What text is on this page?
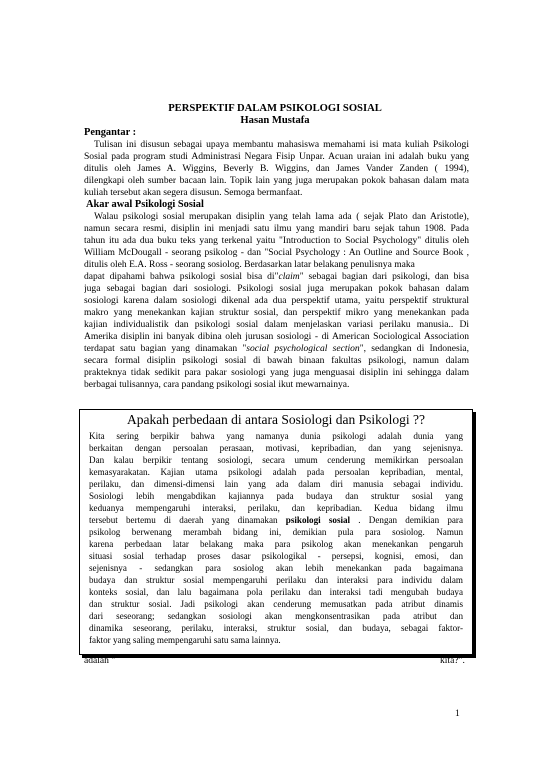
PERSPEKTIF DALAM PSIKOLOGI SOSIAL
Hasan Mustafa
Pengantar :
Tulisan ini disusun sebagai upaya membantu mahasiswa memahami isi mata kuliah Psikologi
Sosial pada program studi Administrasi Negara Fisip Unpar. Acuan uraian ini adalah buku yang
ditulis oleh James A. Wiggins, Beverly B. Wiggins, dan James Vander Zanden ( 1994),
dilengkapi oleh sumber bacaan lain. Topik lain yang juga merupakan pokok bahasan dalam mata
kuliah tersebut akan segera disusun. Semoga bermanfaat.
Akar awal Psikologi Sosial
Walau psikologi sosial merupakan disiplin yang telah lama ada ( sejak Plato dan Aristotle),
namun secara resmi, disiplin ini menjadi satu ilmu yang mandiri baru sejak tahun 1908. Pada
tahun itu ada dua buku teks yang terkenal yaitu "Introduction to Social Psychology" ditulis oleh
William McDougall - seorang psikolog - dan "Social Psychology : An Outline and Source Book ,
ditulis oleh E.A. Ross - seorang sosiolog. Berdasarkan latar belakang penulisnya maka
dapat dipahami bahwa psikologi sosial bisa di"claim" sebagai bagian dari psikologi, dan bisa
juga sebagai bagian dari sosiologi. Psikologi sosial juga merupakan pokok bahasan dalam
sosiologi karena dalam sosiologi dikenal ada dua perspektif utama, yaitu perspektif struktural
makro yang menekankan kajian struktur sosial, dan perspektif mikro yang menekankan pada
kajian individualistik dan psikologi sosial dalam menjelaskan variasi perilaku manusia.. Di
Amerika disiplin ini banyak dibina oleh jurusan sosiologi - di American Sociological Association
terdapat satu bagian yang dinamakan "social psychological section", sedangkan di Indonesia,
secara formal disiplin psikologi sosial di bawah binaan fakultas psikologi, namun dalam
prakteknya tidak sedikit para pakar sosiologi yang juga menguasai disiplin ini sehingga dalam
berbagai tulisannya, cara pandang psikologi sosial ikut mewarnainya.
adalah "	kita?".
Apakah perbedaan di antara Sosiologi dan Psikologi ??
Kita sering berpikir bahwa yang namanya dunia psikologi adalah dunia yang
berkaitan dengan persoalan perasaan, motivasi, kepribadian, dan yang sejenisnya.
Dan kalau berpikir tentang sosiologi, secara umum cenderung memikirkan persoalan
kemasyarakatan. Kajian utama psikologi adalah pada persoalan kepribadian, mental,
perilaku, dan dimensi-dimensi lain yang ada dalam diri manusia sebagai individu.
Sosiologi lebih mengabdikan kajiannya pada budaya dan struktur sosial yang
keduanya mempengaruhi interaksi, perilaku, dan kepribadian. Kedua bidang ilmu
tersebut bertemu di daerah yang dinamakan psikologi sosial . Dengan demikian para
psikolog berwenang merambah bidang ini, demikian pula para sosiolog. Namun
karena perbedaan latar belakang maka para psikolog akan menekankan pengaruh
situasi sosial terhadap proses dasar psikologikal - persepsi, kognisi, emosi, dan
sejenisnya - sedangkan para sosiolog akan lebih menekankan pada bagaimana
budaya dan struktur sosial mempengaruhi perilaku dan interaksi para individu dalam
konteks sosial, dan lalu bagaimana pola perilaku dan interaksi tadi mengubah budaya
dan struktur sosial. Jadi psikologi akan cenderung memusatkan pada atribut dinamis
dari seseorang; sedangkan sosiologi akan mengkonsentrasikan pada atribut dan
dinamika seseorang, perilaku, interaksi, struktur sosial, dan budaya, sebagai faktor-
faktor yang saling mempengaruhi satu sama lainnya.
1
